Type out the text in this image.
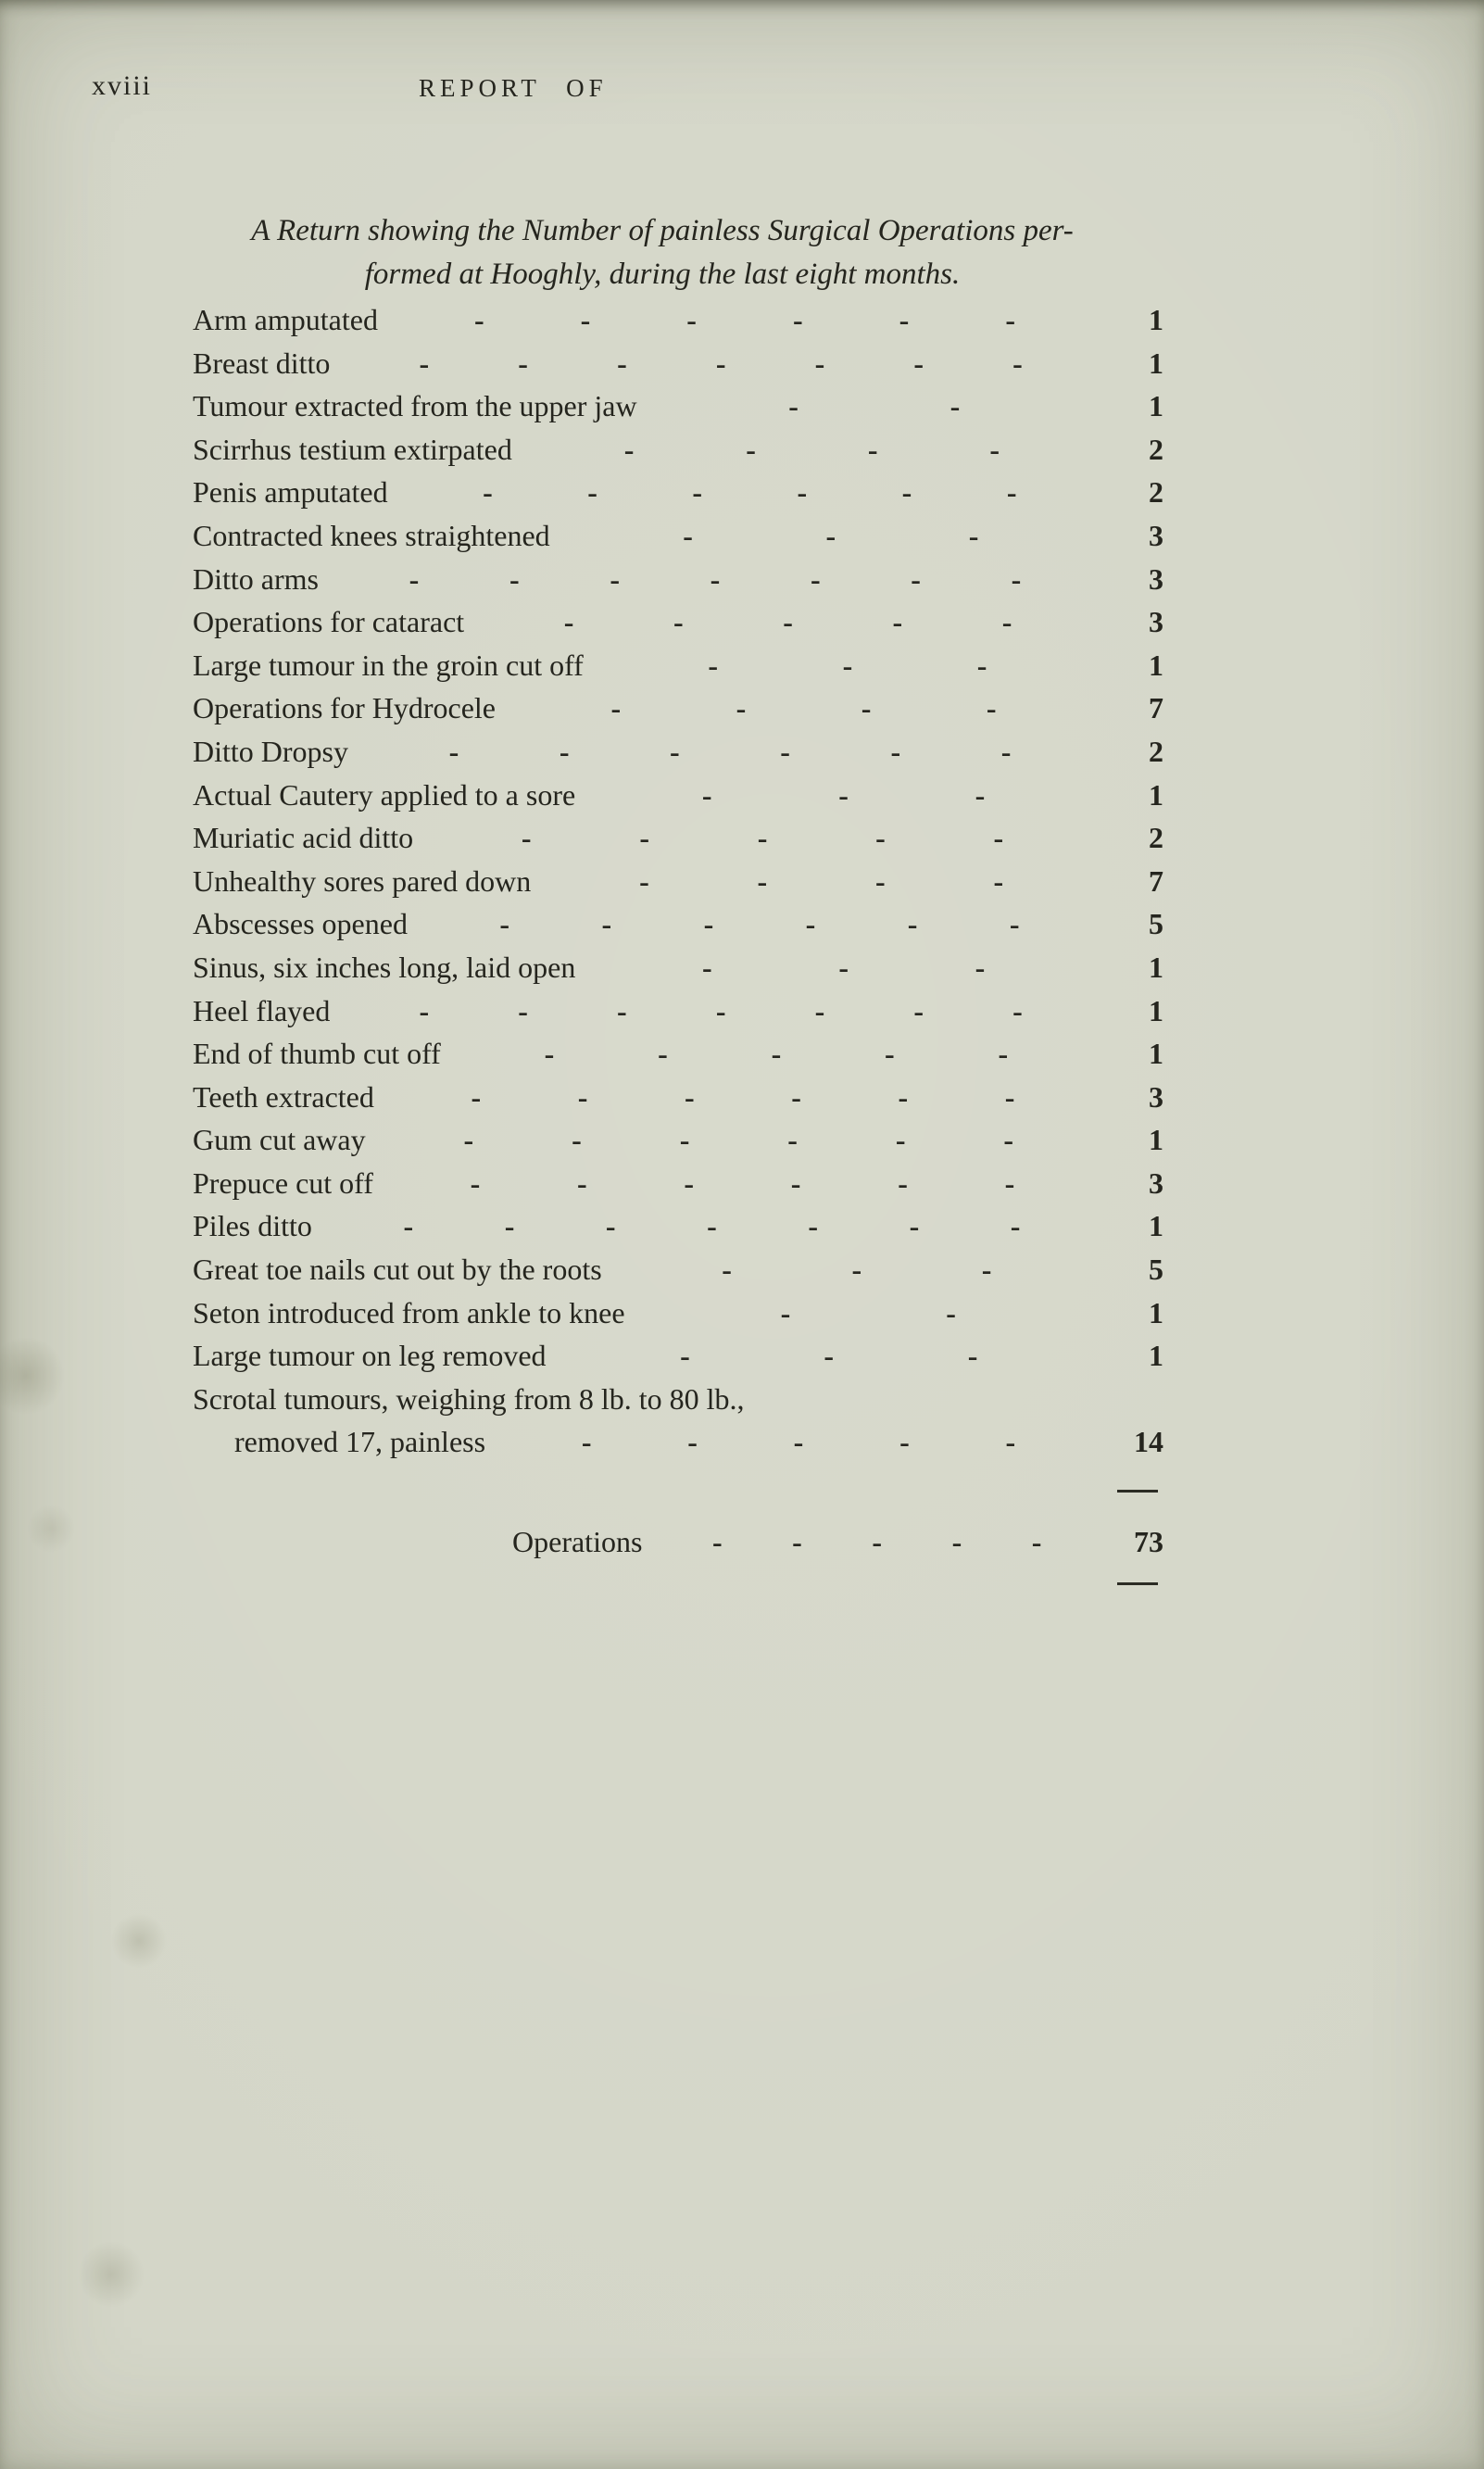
xviii	REPORT OF
A Return showing the Number of painless Surgical Operations per-
formed at Hooghly, during the last eight months.
Arm amputated	-	-	-	-	-	-	1
Breast ditto	-	-	-	-	-	-	-	1
Tumour extracted from the upper jaw	-	-	1
Scirrhus testium extirpated	-	-	-	-	2
Penis amputated	-	-	-	-	-	-	2
Contracted knees straightened	-	-	-	3
Ditto arms	-	-	-	-	-	-	-	3
Operations for cataract	-	-	-	-	-	3
Large tumour in the groin cut off	-	-	-	1
Operations for Hydrocele	-	-	-	-	7
Ditto Dropsy	-	-	-	-	-	-	2
Actual Cautery applied to a sore	-	-	-	1
Muriatic acid ditto	-	-	-	-	-	2
Unhealthy sores pared down	-	-	-	-	7
Abscesses opened	-	-	-	-	-	-	5
Sinus, six inches long, laid open	-	-	-	1
Heel flayed	-	-	-	-	-	-	-	1
End of thumb cut off	-	-	-	-	-	1
Teeth extracted	-	-	-	-	-	-	3
Gum cut away	-	-	-	-	-	-	1
Prepuce cut off	-	-	-	-	-	-	3
Piles ditto	-	-	-	-	-	-	-	1
Great toe nails cut out by the roots	-	-	-	5
Seton introduced from ankle to knee	-	-	1
Large tumour on leg removed	-	-	-	1
Scrotal tumours, weighing from 8 lb. to 80 lb.,
removed 17, painless	-	-	-	-	-	14
Operations - - - - -	73
